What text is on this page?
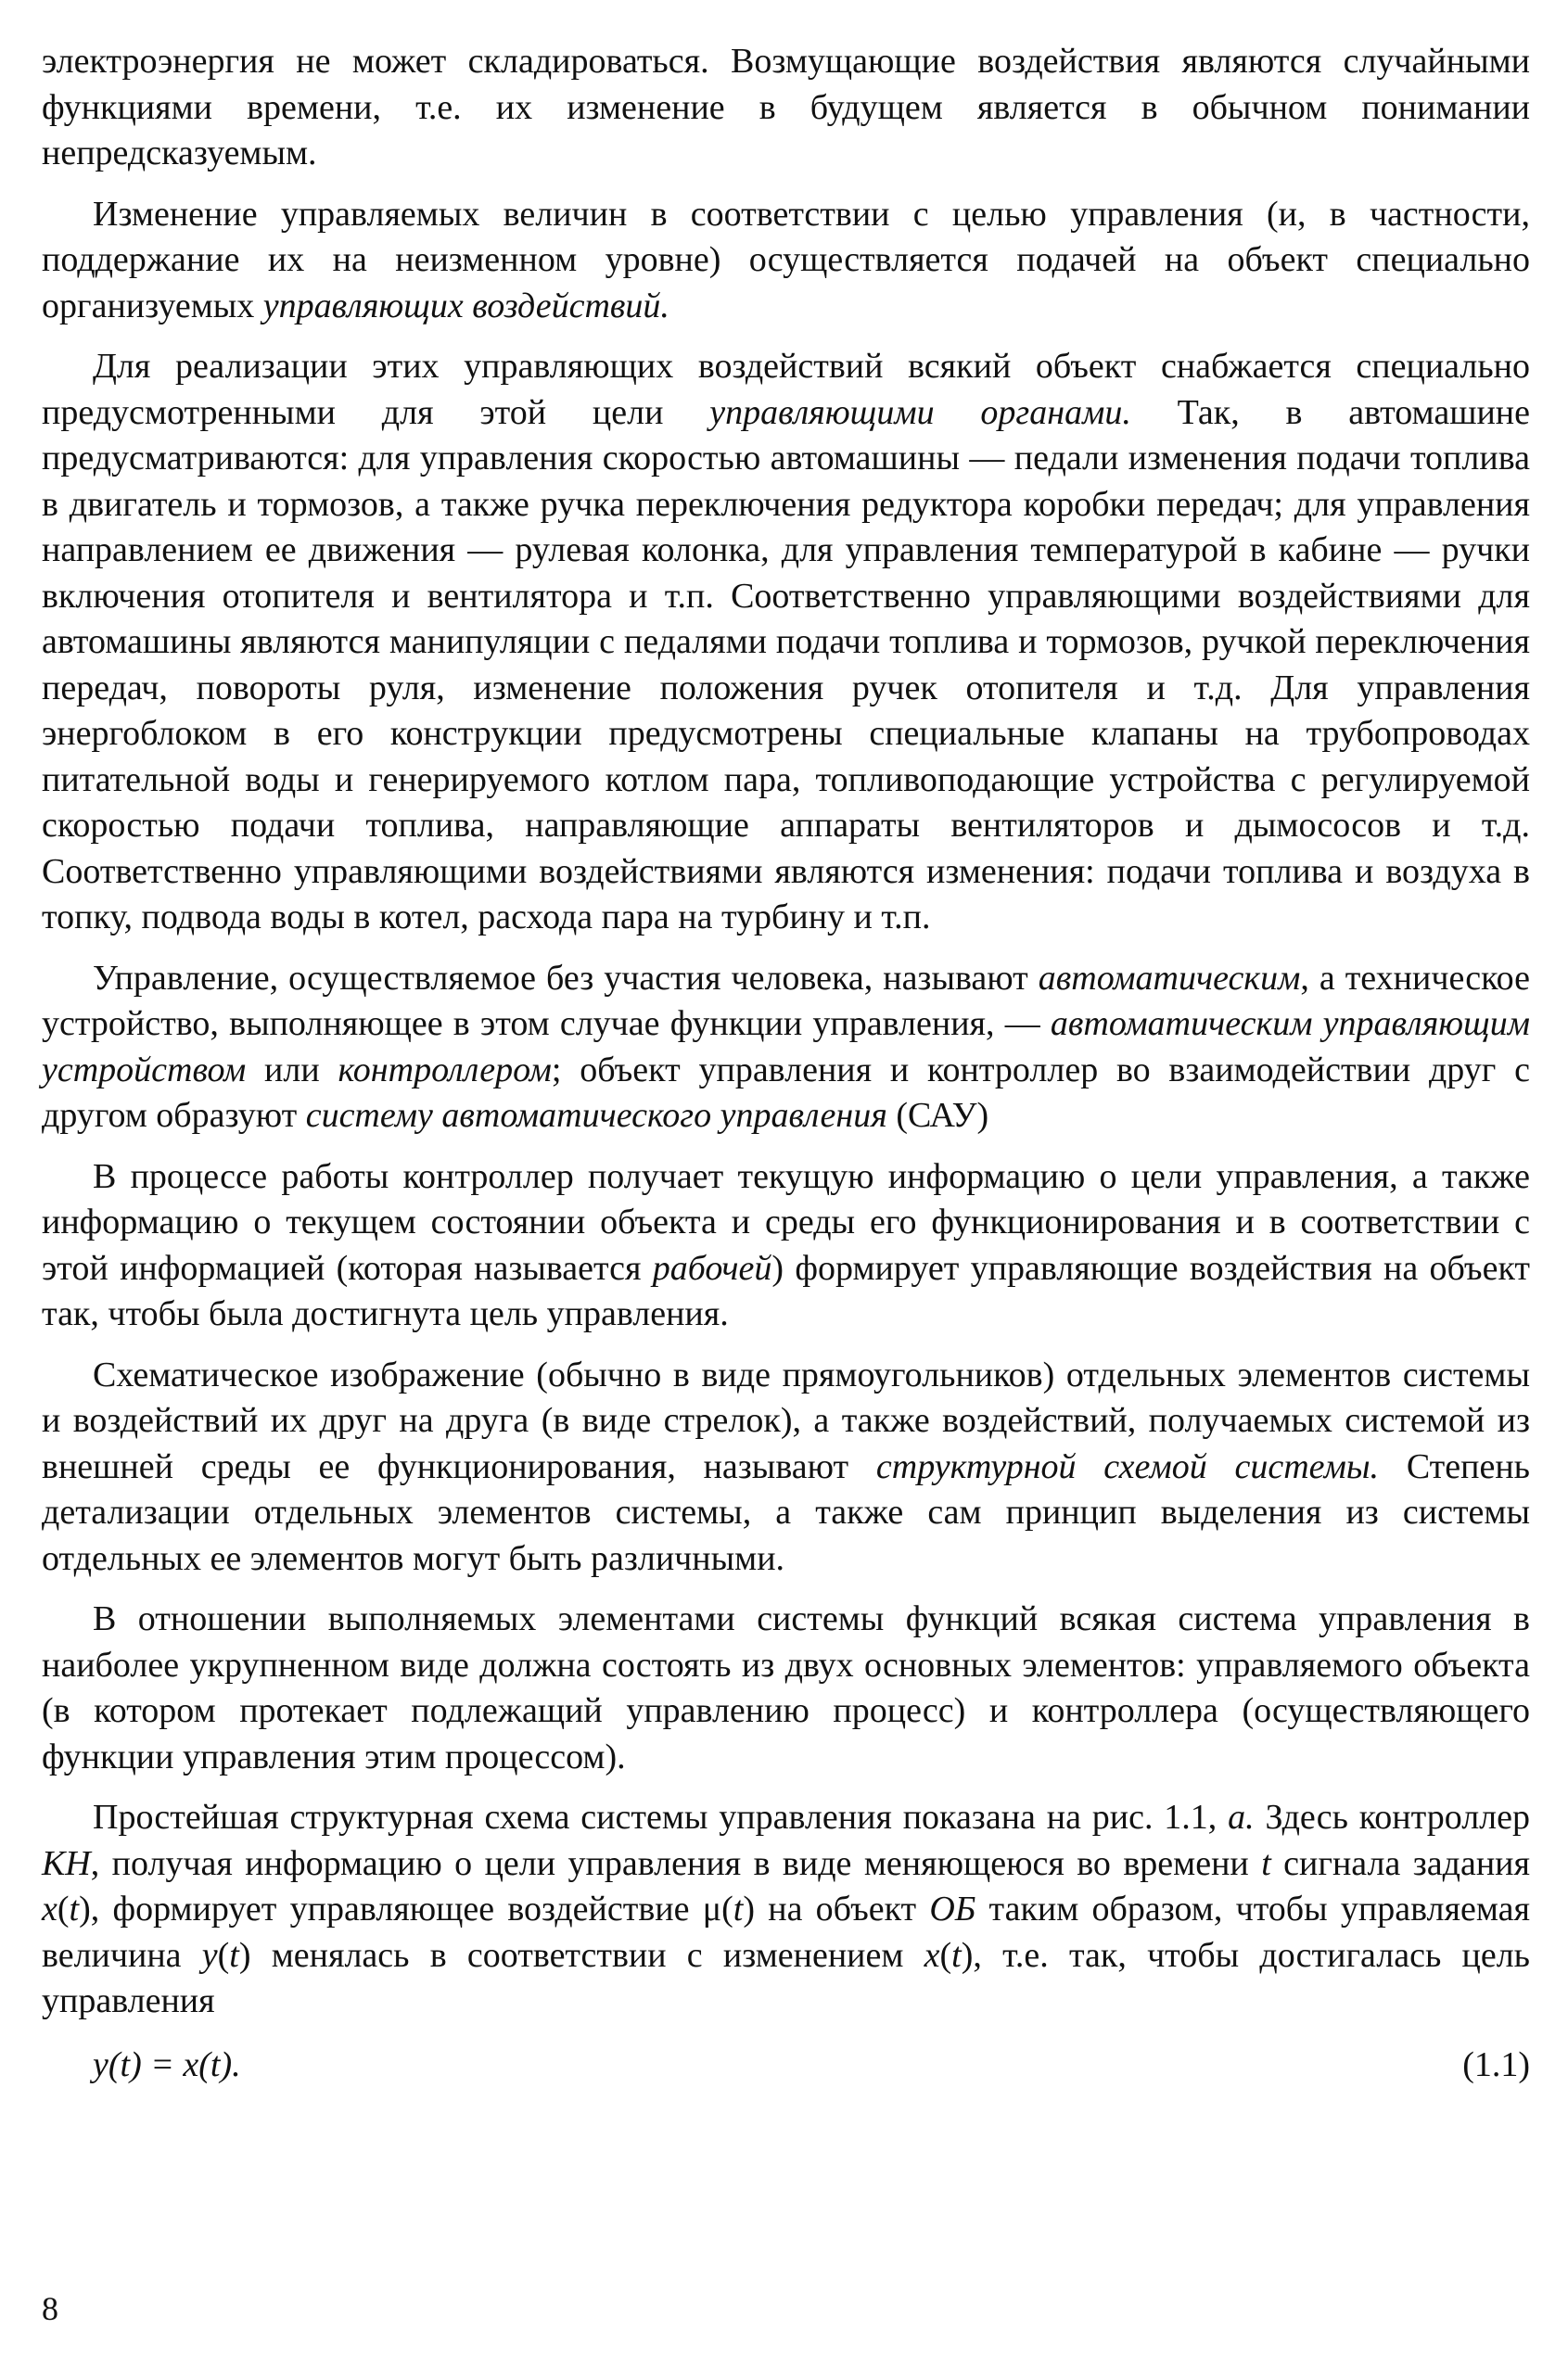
электроэнергия не может складироваться. Возмущающие воздействия являются случайными функциями времени, т.е. их изменение в будущем является в обычном понимании непредсказуемым.

Изменение управляемых величин в соответствии с целью управления (и, в частности, поддержание их на неизменном уровне) осуществляется подачей на объект специально организуемых управляющих воздействий.

Для реализации этих управляющих воздействий всякий объект снабжается специально предусмотренными для этой цели управляющими органами. Так, в автомашине предусматриваются: для управления скоростью автомашины — педали изменения подачи топлива в двигатель и тормозов, а также ручка переключения редуктора коробки передач; для управления направлением ее движения — рулевая колонка, для управления температурой в кабине — ручки включения отопителя и вентилятора и т.п. Соответственно управляющими воздействиями для автомашины являются манипуляции с педалями подачи топлива и тормозов, ручкой переключения передач, повороты руля, изменение положения ручек отопителя и т.д. Для управления энергоблоком в его конструкции предусмотрены специальные клапаны на трубопроводах питательной воды и генерируемого котлом пара, топливоподающие устройства с регулируемой скоростью подачи топлива, направляющие аппараты вентиляторов и дымососов и т.д. Соответственно управляющими воздействиями являются изменения: подачи топлива и воздуха в топку, подвода воды в котел, расхода пара на турбину и т.п.

Управление, осуществляемое без участия человека, называют автоматическим, а техническое устройство, выполняющее в этом случае функции управления, — автоматическим управляющим устройством или контроллером; объект управления и контроллер во взаимодействии друг с другом образуют систему автоматического управления (САУ)

В процессе работы контроллер получает текущую информацию о цели управления, а также информацию о текущем состоянии объекта и среды его функционирования и в соответствии с этой информацией (которая называется рабочей) формирует управляющие воздействия на объект так, чтобы была достигнута цель управления.

Схематическое изображение (обычно в виде прямоугольников) отдельных элементов системы и воздействий их друг на друга (в виде стрелок), а также воздействий, получаемых системой из внешней среды ее функционирования, называют структурной схемой системы. Степень детализации отдельных элементов системы, а также сам принцип выделения из системы отдельных ее элементов могут быть различными.

В отношении выполняемых элементами системы функций всякая система управления в наиболее укрупненном виде должна состоять из двух основных элементов: управляемого объекта (в котором протекает подлежащий управлению процесс) и контроллера (осуществляющего функции управления этим процессом).

Простейшая структурная схема системы управления показана на рис. 1.1, а. Здесь контроллер КН, получая информацию о цели управления в виде меняющеюся во времени t сигнала задания x(t), формирует управляющее воздействие μ(t) на объект ОБ таким образом, чтобы управляемая величина y(t) менялась в соответствии с изменением x(t), т.е. так, чтобы достигалась цель управления

y(t) = x(t).	(1.1)
8
